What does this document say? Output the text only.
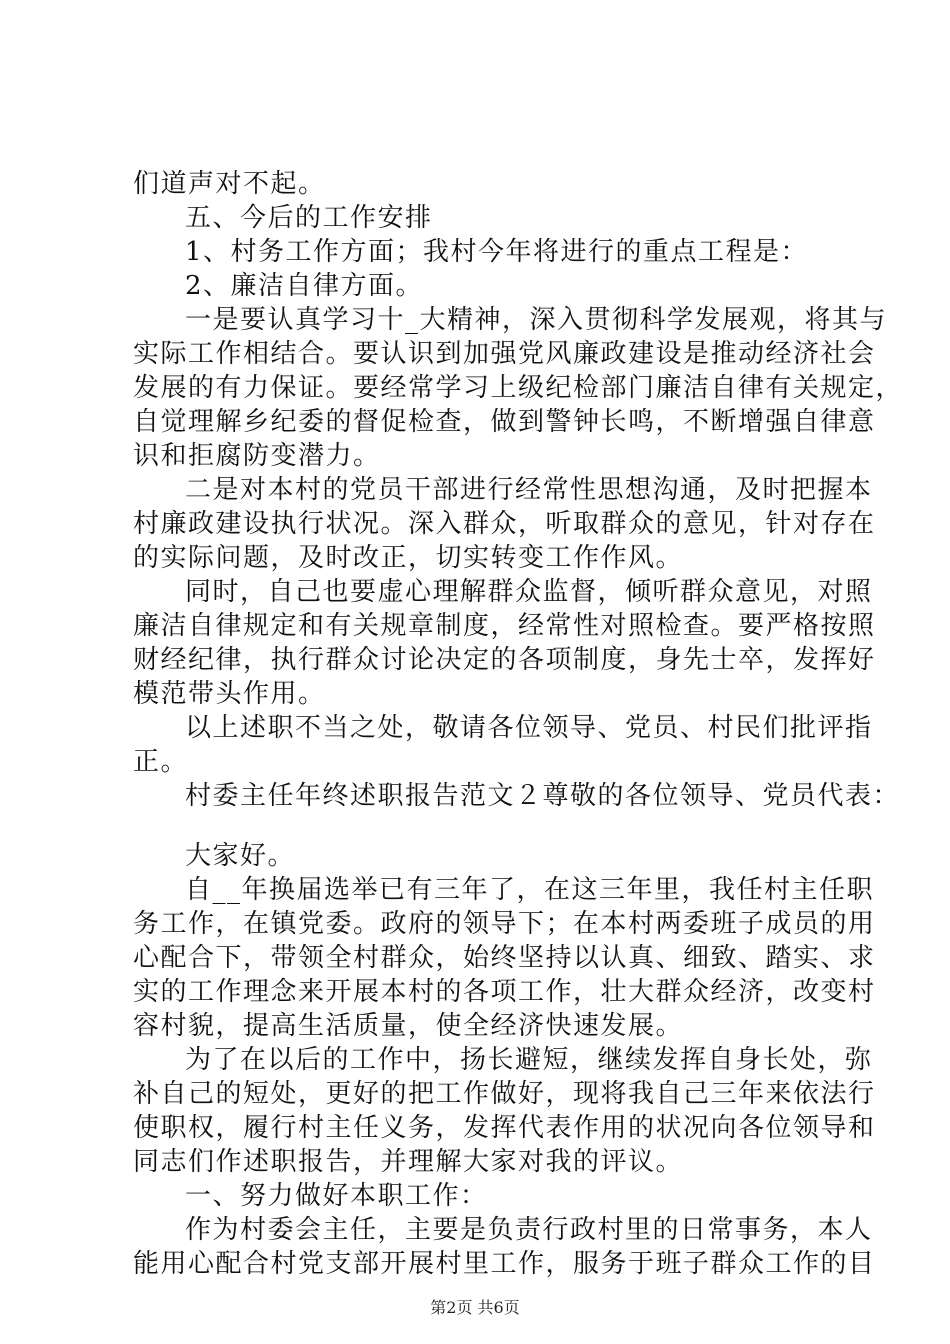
们道声对不起。
五、今后的工作安排
1、村务工作方面；我村今年将进行的重点工程是：
2、廉洁自律方面。
一是要认真学习十_大精神，深入贯彻科学发展观，将其与
实际工作相结合。要认识到加强党风廉政建设是推动经济社会
发展的有力保证。要经常学习上级纪检部门廉洁自律有关规定，
自觉理解乡纪委的督促检查，做到警钟长鸣，不断增强自律意
识和拒腐防变潜力。
二是对本村的党员干部进行经常性思想沟通，及时把握本
村廉政建设执行状况。深入群众，听取群众的意见，针对存在
的实际问题，及时改正，切实转变工作作风。
同时，自己也要虚心理解群众监督，倾听群众意见，对照
廉洁自律规定和有关规章制度，经常性对照检查。要严格按照
财经纪律，执行群众讨论决定的各项制度，身先士卒，发挥好
模范带头作用。
以上述职不当之处，敬请各位领导、党员、村民们批评指
正。
村委主任年终述职报告范文２尊敬的各位领导、党员代表：
大家好。
自__年换届选举已有三年了，在这三年里，我任村主任职
务工作，在镇党委。政府的领导下；在本村两委班子成员的用
心配合下，带领全村群众，始终坚持以认真、细致、踏实、求
实的工作理念来开展本村的各项工作，壮大群众经济，改变村
容村貌，提高生活质量，使全经济快速发展。
为了在以后的工作中，扬长避短，继续发挥自身长处，弥
补自己的短处，更好的把工作做好，现将我自己三年来依法行
使职权，履行村主任义务，发挥代表作用的状况向各位领导和
同志们作述职报告，并理解大家对我的评议。
一、努力做好本职工作：
作为村委会主任，主要是负责行政村里的日常事务，本人
能用心配合村党支部开展村里工作，服务于班子群众工作的目
第2页 共6页
